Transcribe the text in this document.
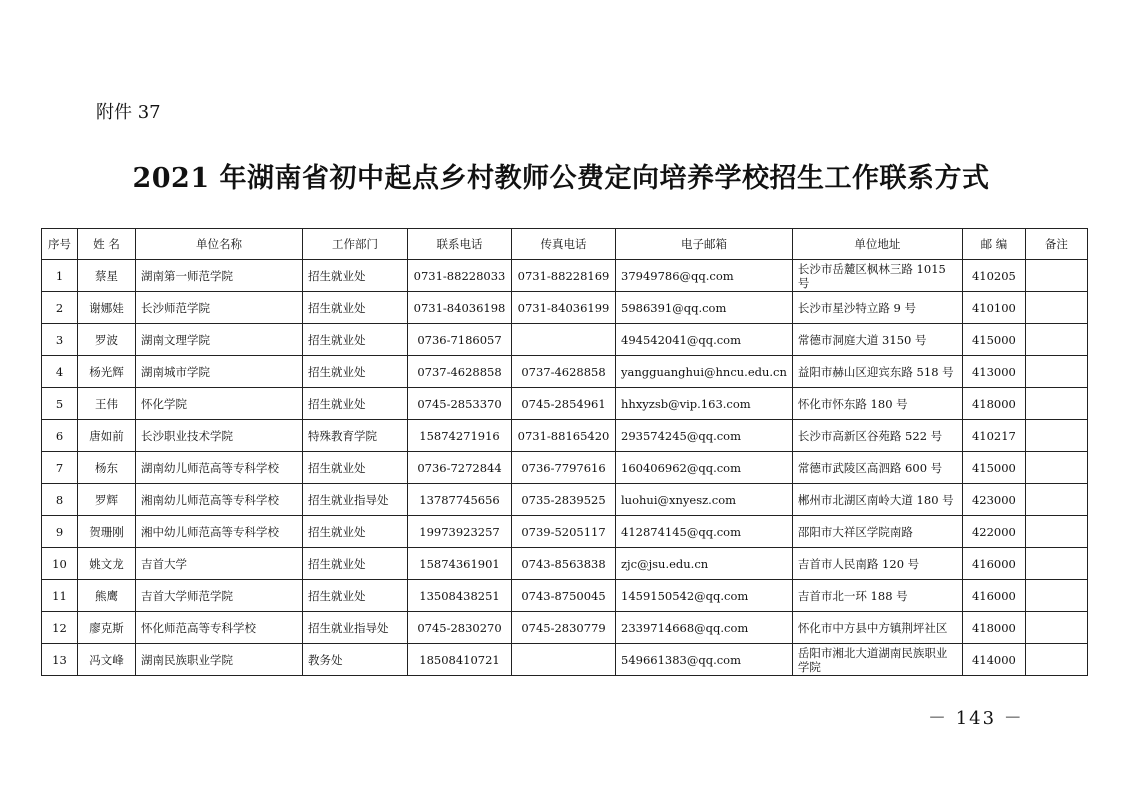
附件 37
2021 年湖南省初中起点乡村教师公费定向培养学校招生工作联系方式
序号	姓 名	单位名称	工作部门	联系电话	传真电话	电子邮箱	单位地址	邮 编	备注
1	蔡星	湖南第一师范学院	招生就业处	0731-88228033	0731-88228169	37949786@qq.com	长沙市岳麓区枫林三路 1015 号	410205	
2	谢娜娃	长沙师范学院	招生就业处	0731-84036198	0731-84036199	5986391@qq.com	长沙市星沙特立路 9 号	410100	
3	罗波	湖南文理学院	招生就业处	0736-7186057		494542041@qq.com	常德市洞庭大道 3150 号	415000	
4	杨光辉	湖南城市学院	招生就业处	0737-4628858	0737-4628858	yangguanghui@hncu.edu.cn	益阳市赫山区迎宾东路 518 号	413000	
5	王伟	怀化学院	招生就业处	0745-2853370	0745-2854961	hhxyzsb@vip.163.com	怀化市怀东路 180 号	418000	
6	唐如前	长沙职业技术学院	特殊教育学院	15874271916	0731-88165420	293574245@qq.com	长沙市高新区谷苑路 522 号	410217	
7	杨东	湖南幼儿师范高等专科学校	招生就业处	0736-7272844	0736-7797616	160406962@qq.com	常德市武陵区高泗路 600 号	415000	
8	罗辉	湘南幼儿师范高等专科学校	招生就业指导处	13787745656	0735-2839525	luohui@xnyesz.com	郴州市北湖区南岭大道 180 号	423000	
9	贺珊刚	湘中幼儿师范高等专科学校	招生就业处	19973923257	0739-5205117	412874145@qq.com	邵阳市大祥区学院南路	422000	
10	姚文龙	吉首大学	招生就业处	15874361901	0743-8563838	zjc@jsu.edu.cn	吉首市人民南路 120 号	416000	
11	熊鹰	吉首大学师范学院	招生就业处	13508438251	0743-8750045	1459150542@qq.com	吉首市北一环 188 号	416000	
12	廖克斯	怀化师范高等专科学校	招生就业指导处	0745-2830270	0745-2830779	2339714668@qq.com	怀化市中方县中方镇荆坪社区	418000	
13	冯文峰	湖南民族职业学院	教务处	18508410721		549661383@qq.com	岳阳市湘北大道湖南民族职业学院	414000	
－ 143 －
